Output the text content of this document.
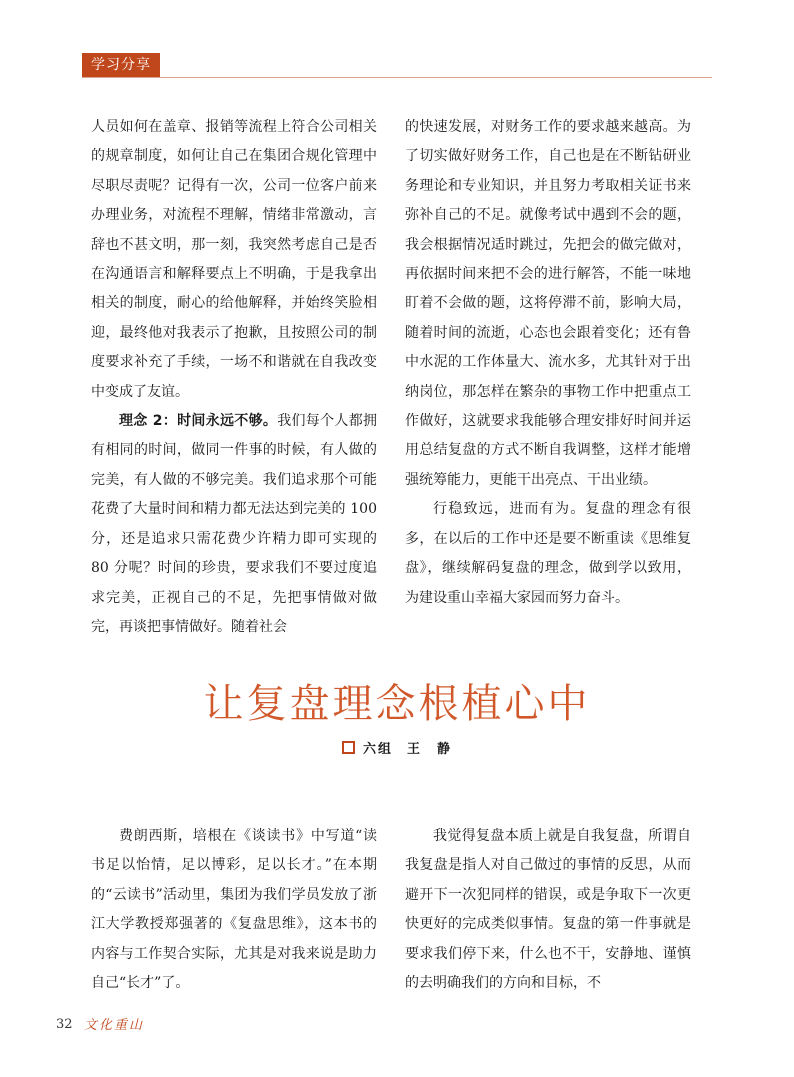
学习分享

人员如何在盖章、报销等流程上符合公司相关的规章制度，如何让自己在集团合规化管理中尽职尽责呢？记得有一次，公司一位客户前来办理业务，对流程不理解，情绪非常激动，言辞也不甚文明，那一刻，我突然考虑自己是否在沟通语言和解释要点上不明确，于是我拿出相关的制度，耐心的给他解释，并始终笑脸相迎，最终他对我表示了抱歉，且按照公司的制度要求补充了手续，一场不和谐就在自我改变中变成了友谊。

理念 2：时间永远不够。我们每个人都拥有相同的时间，做同一件事的时候，有人做的完美，有人做的不够完美。我们追求那个可能花费了大量时间和精力都无法达到完美的 100 分，还是追求只需花费少许精力即可实现的 80 分呢？时间的珍贵，要求我们不要过度追求完美，正视自己的不足，先把事情做对做完，再谈把事情做好。随着社会

的快速发展，对财务工作的要求越来越高。为了切实做好财务工作，自己也是在不断钻研业务理论和专业知识，并且努力考取相关证书来弥补自己的不足。就像考试中遇到不会的题，我会根据情况适时跳过，先把会的做完做对，再依据时间来把不会的进行解答，不能一味地盯着不会做的题，这将停滞不前，影响大局，随着时间的流逝，心态也会跟着变化；还有鲁中水泥的工作体量大、流水多，尤其针对于出纳岗位，那怎样在繁杂的事物工作中把重点工作做好，这就要求我能够合理安排好时间并运用总结复盘的方式不断自我调整，这样才能增强统筹能力，更能干出亮点、干出业绩。

行稳致远，进而有为。复盘的理念有很多，在以后的工作中还是要不断重读《思维复盘》，继续解码复盘的理念，做到学以致用，为建设重山幸福大家园而努力奋斗。

让复盘理念根植心中
六组 王　静

费朗西斯，培根在《谈读书》中写道“读书足以怡情，足以博彩，足以长才。”在本期的“云读书”活动里，集团为我们学员发放了浙江大学教授郑强著的《复盘思维》，这本书的内容与工作契合实际，尤其是对我来说是助力自己“长才”了。

我觉得复盘本质上就是自我复盘，所谓自我复盘是指人对自己做过的事情的反思，从而避开下一次犯同样的错误，或是争取下一次更快更好的完成类似事情。复盘的第一件事就是要求我们停下来，什么也不干，安静地、谨慎的去明确我们的方向和目标，不

32 文化重山
